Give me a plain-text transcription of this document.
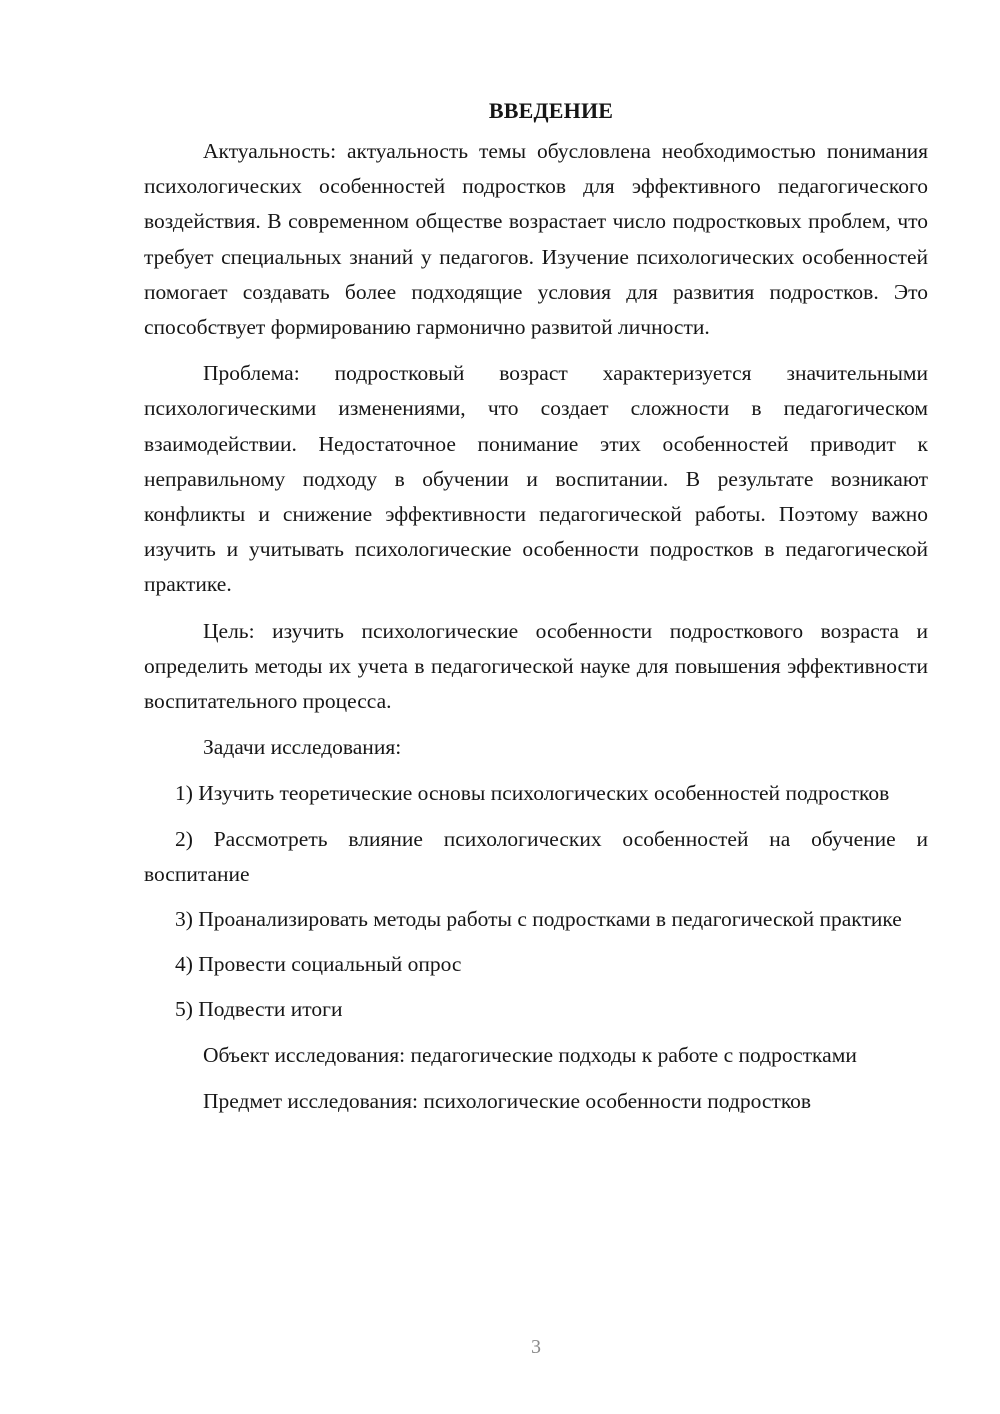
ВВЕДЕНИЕ

Актуальность: актуальность темы обусловлена необходимостью понимания психологических особенностей подростков для эффективного педагогического воздействия. В современном обществе возрастает число подростковых проблем, что требует специальных знаний у педагогов. Изучение психологических особенностей помогает создавать более подходящие условия для развития подростков. Это способствует формированию гармонично развитой личности.

Проблема: подростковый возраст характеризуется значительными психологическими изменениями, что создает сложности в педагогическом взаимодействии. Недостаточное понимание этих особенностей приводит к неправильному подходу в обучении и воспитании. В результате возникают конфликты и снижение эффективности педагогической работы. Поэтому важно изучить и учитывать психологические особенности подростков в педагогической практике.

Цель: изучить психологические особенности подросткового возраста и определить методы их учета в педагогической науке для повышения эффективности воспитательного процесса.

Задачи исследования:

1) Изучить теоретические основы психологических особенностей подростков

2) Рассмотреть влияние психологических особенностей на обучение и воспитание

3) Проанализировать методы работы с подростками в педагогической практике

4) Провести социальный опрос

5) Подвести итоги

Объект исследования: педагогические подходы к работе с подростками

Предмет исследования: психологические особенности подростков

3
